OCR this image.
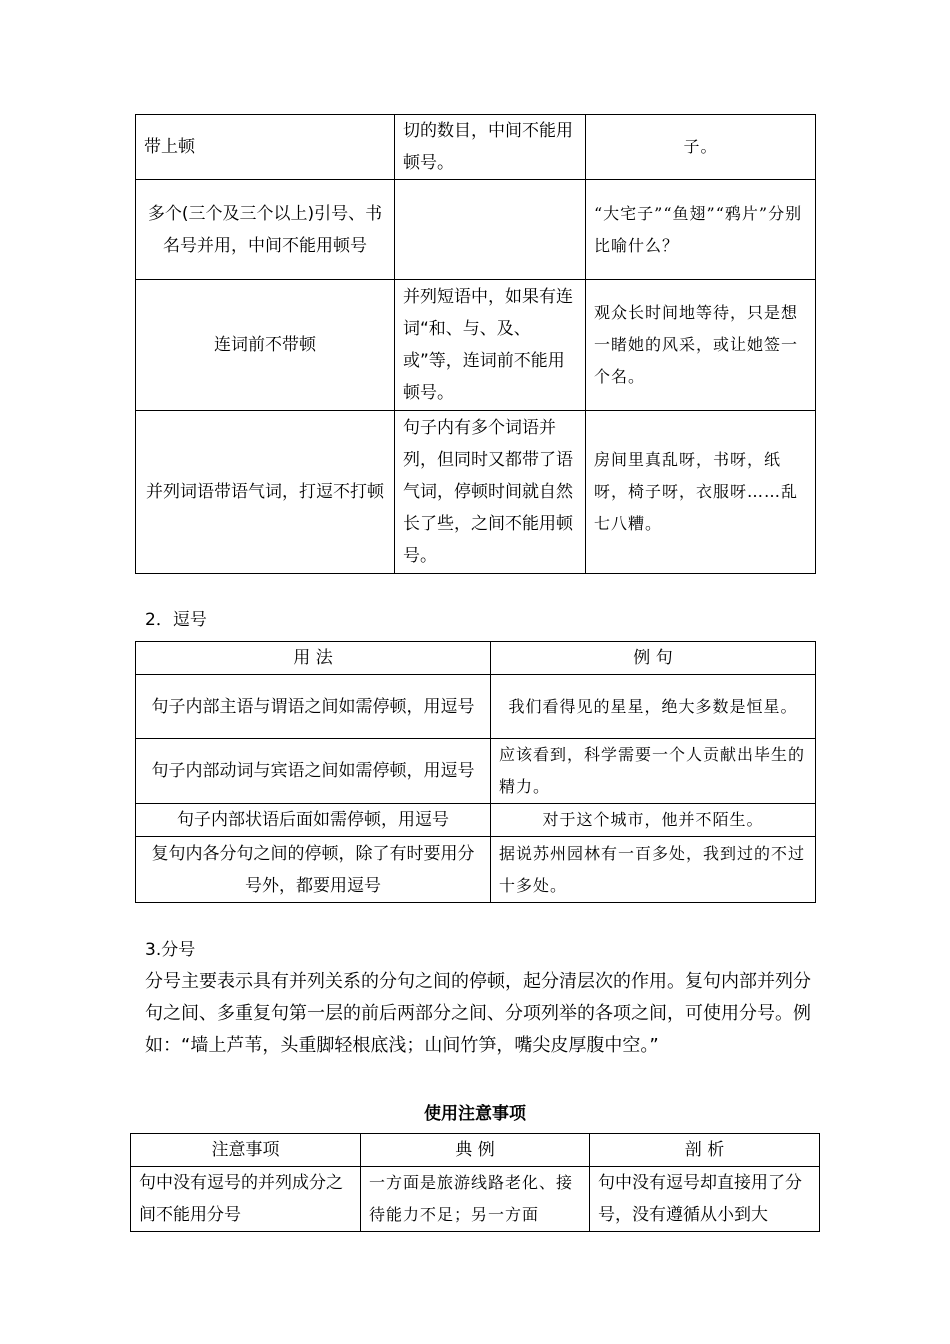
带上顿	切的数目，中间不能用顿号。	子。
多个(三个及三个以上)引号、书名号并用，中间不能用顿号		“大宅子”“鱼翅”“鸦片”分别比喻什么？
连词前不带顿	并列短语中，如果有连词“和、与、及、或”等，连词前不能用顿号。	观众长时间地等待，只是想一睹她的风采，或让她签一个名。
并列词语带语气词，打逗不打顿	句子内有多个词语并列，但同时又都带了语气词，停顿时间就自然长了些，之间不能用顿号。	房间里真乱呀，书呀，纸呀，椅子呀，衣服呀……乱七八糟。
2．逗号
用 法	例 句
句子内部主语与谓语之间如需停顿，用逗号	我们看得见的星星，绝大多数是恒星。
句子内部动词与宾语之间如需停顿，用逗号	应该看到，科学需要一个人贡献出毕生的精力。
句子内部状语后面如需停顿，用逗号	对于这个城市，他并不陌生。
复句内各分句之间的停顿，除了有时要用分号外，都要用逗号	据说苏州园林有一百多处，我到过的不过十多处。
3.分号
分号主要表示具有并列关系的分句之间的停顿，起分清层次的作用。复句内部并列分句之间、多重复句第一层的前后两部分之间、分项列举的各项之间，可使用分号。例如：“墙上芦苇，头重脚轻根底浅；山间竹笋，嘴尖皮厚腹中空。”
使用注意事项
注意事项	典 例	剖 析
句中没有逗号的并列成分之间不能用分号	一方面是旅游线路老化、接待能力不足；另一方面	句中没有逗号却直接用了分号，没有遵循从小到大
